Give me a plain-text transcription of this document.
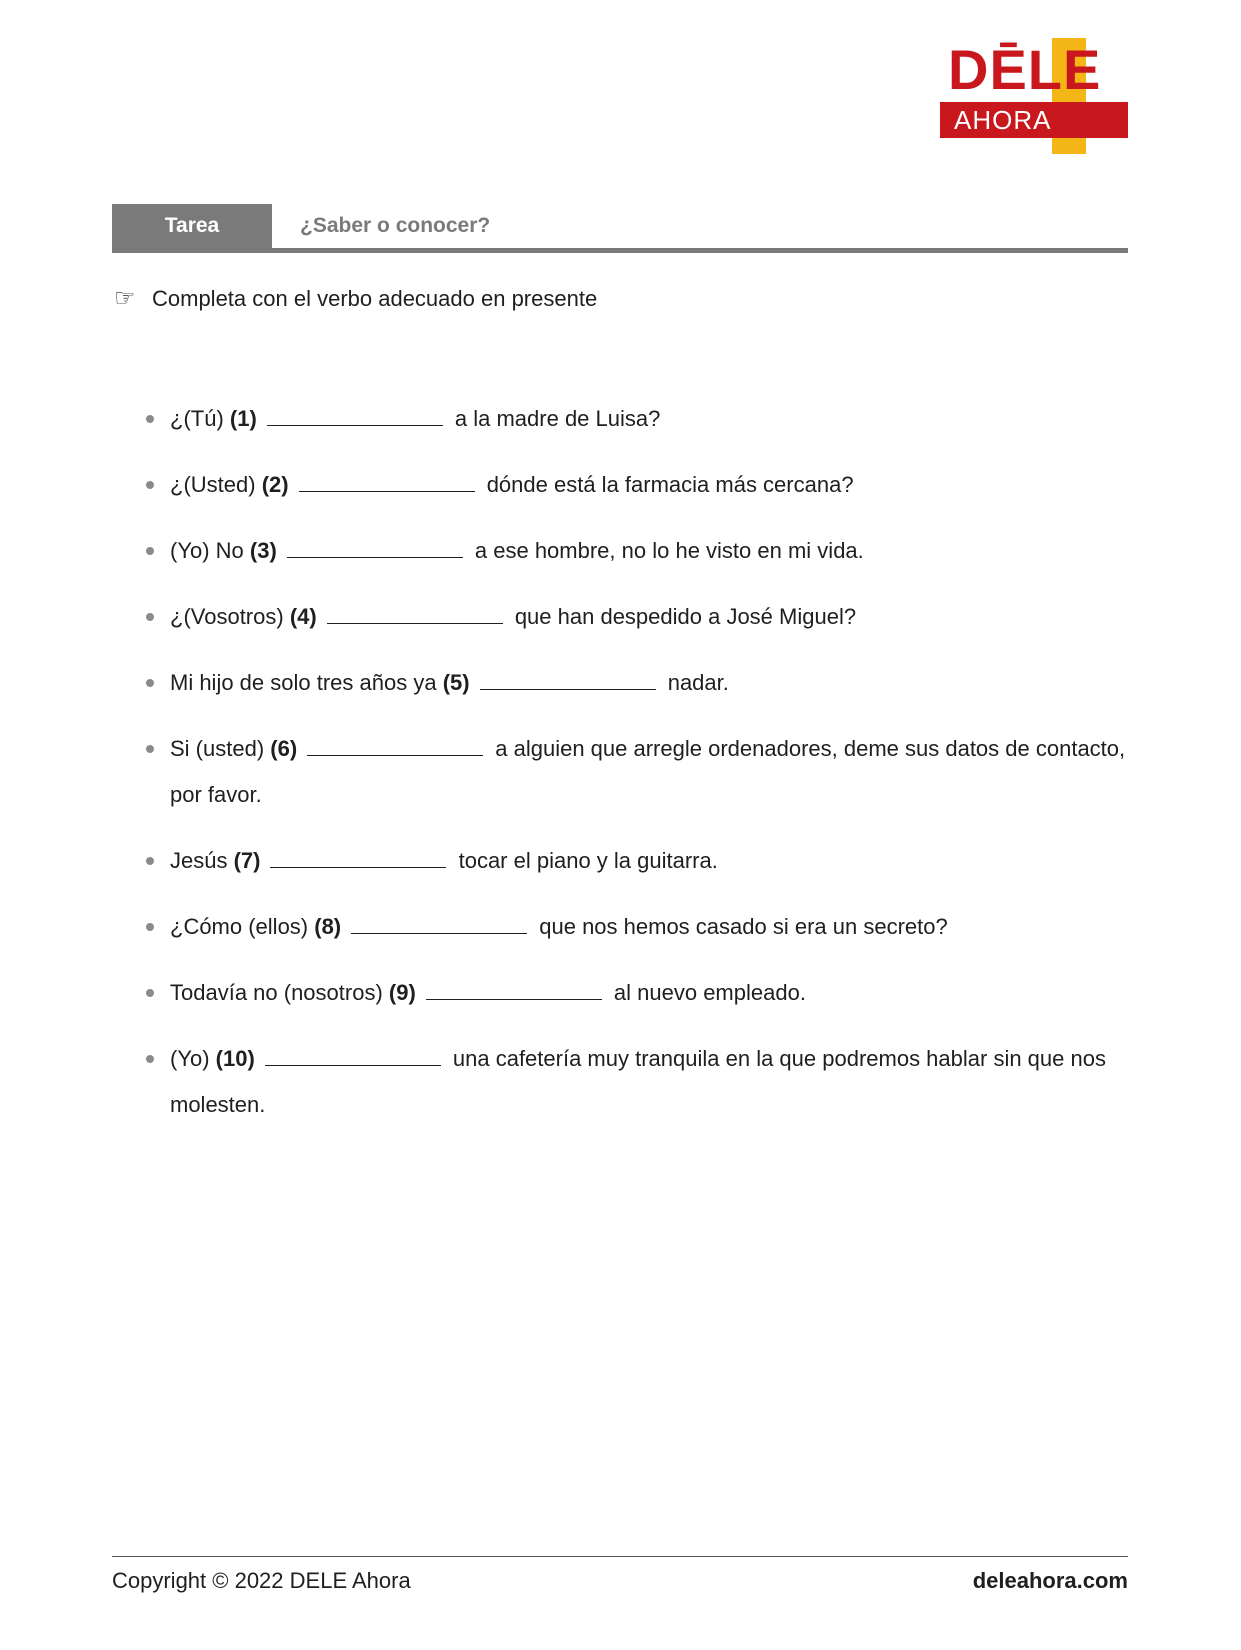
DĒLE
AHORA
Tarea	¿Saber o conocer?
☞ Completa con el verbo adecuado en presente
¿(Tú) (1)	a la madre de Luisa?
¿(Usted) (2)	dónde está la farmacia más cercana?
(Yo) No (3)	a ese hombre, no lo he visto en mi vida.
¿(Vosotros) (4)	que han despedido a José Miguel?
Mi hijo de solo tres años ya (5)	nadar.
Si (usted) (6)	a alguien que arregle ordenadores, deme sus datos de contacto, por favor.
Jesús (7)	tocar el piano y la guitarra.
¿Cómo (ellos) (8)	que nos hemos casado si era un secreto?
Todavía no (nosotros) (9)	al nuevo empleado.
(Yo) (10)	una cafetería muy tranquila en la que podremos hablar sin que nos molesten.
Copyright © 2022 DELE Ahora	deleahora.com
